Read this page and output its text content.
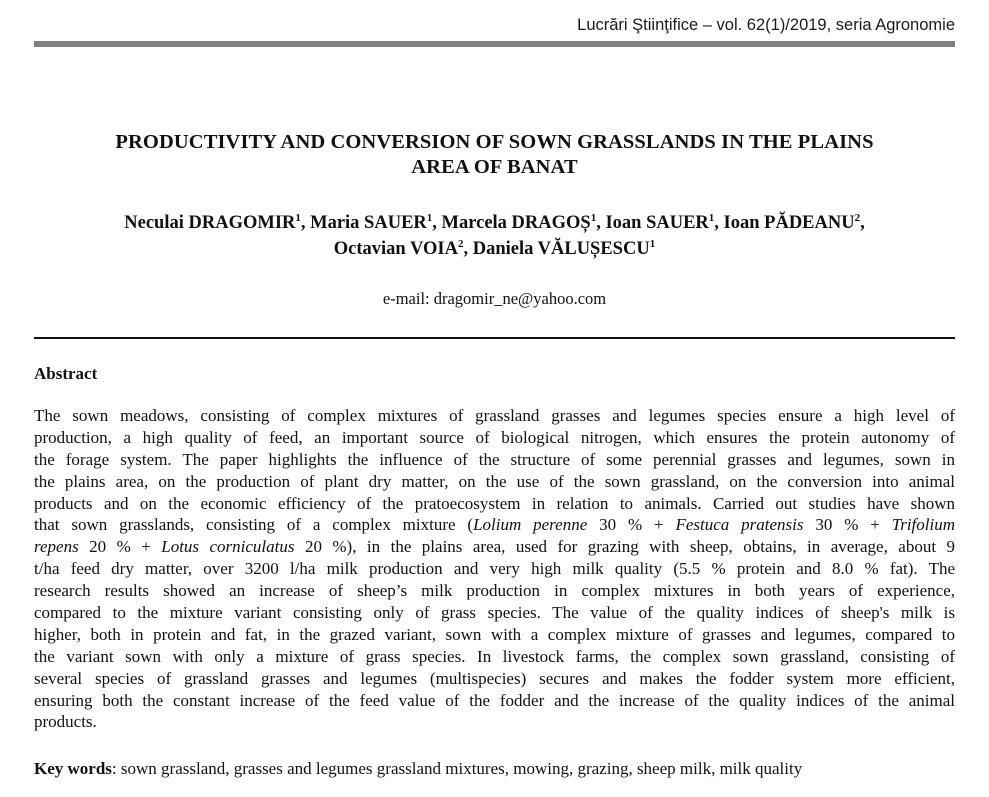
Lucrări Ştiinţifice – vol. 62(1)/2019, seria Agronomie
PRODUCTIVITY AND CONVERSION OF SOWN GRASSLANDS IN THE PLAINS
AREA OF BANAT
Neculai DRAGOMIR$^1$, Maria SAUER$^1$, Marcela DRAGOȘ$^1$, Ioan SAUER$^1$, Ioan PĂDEANU$^2$,
Octavian VOIA$^2$, Daniela VĂLUȘESCU$^1$
e-mail: dragomir_ne@yahoo.com
Abstract
The sown meadows, consisting of complex mixtures of grassland grasses and legumes species ensure a high level of
production, a high quality of feed, an important source of biological nitrogen, which ensures the protein autonomy of
the forage system. The paper highlights the influence of the structure of some perennial grasses and legumes, sown in
the plains area, on the production of plant dry matter, on the use of the sown grassland, on the conversion into animal
products and on the economic efficiency of the pratoecosystem in relation to animals. Carried out studies have shown
that sown grasslands, consisting of a complex mixture (Lolium perenne 30 % + Festuca pratensis 30 % + Trifolium
repens 20 % + Lotus corniculatus 20 %), in the plains area, used for grazing with sheep, obtains, in average, about 9
t/ha feed dry matter, over 3200 l/ha milk production and very high milk quality (5.5 % protein and 8.0 % fat). The
research results showed an increase of sheep’s milk production in complex mixtures in both years of experience,
compared to the mixture variant consisting only of grass species. The value of the quality indices of sheep's milk is
higher, both in protein and fat, in the grazed variant, sown with a complex mixture of grasses and legumes, compared to
the variant sown with only a mixture of grass species. In livestock farms, the complex sown grassland, consisting of
several species of grassland grasses and legumes (multispecies) secures and makes the fodder system more efficient,
ensuring both the constant increase of the feed value of the fodder and the increase of the quality indices of the animal
products.
Key words: sown grassland, grasses and legumes grassland mixtures, mowing, grazing, sheep milk, milk quality
